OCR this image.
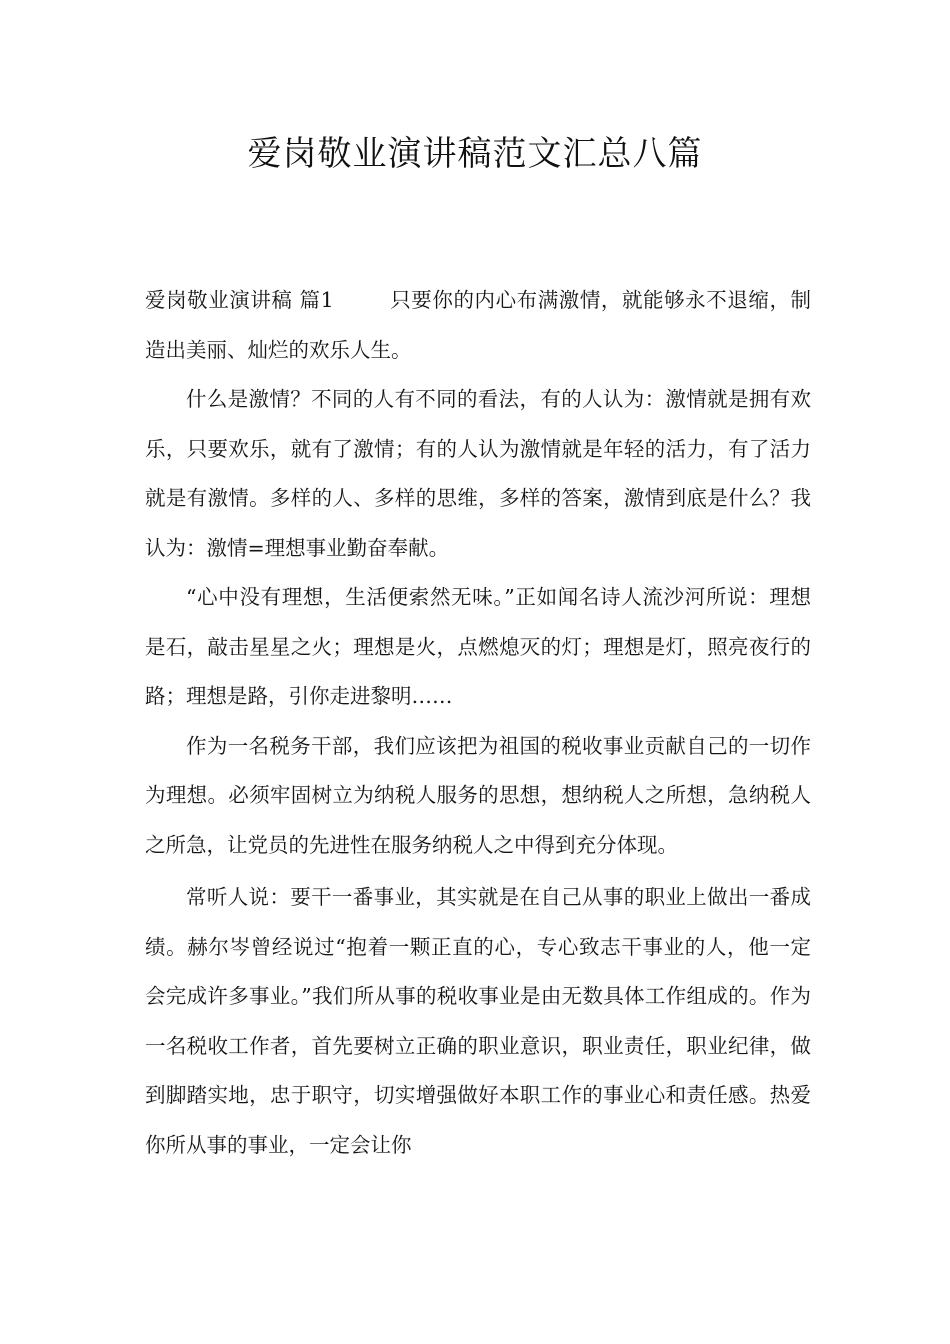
爱岗敬业演讲稿范文汇总八篇

爱岗敬业演讲稿 篇1	只要你的内心布满激情，就能够永不退缩，制造出美丽、灿烂的欢乐人生。

什么是激情？不同的人有不同的看法，有的人认为：激情就是拥有欢乐，只要欢乐，就有了激情；有的人认为激情就是年轻的活力，有了活力就是有激情。多样的人、多样的思维，多样的答案，激情到底是什么？我认为：激情=理想事业勤奋奉献。

“心中没有理想，生活便索然无味。”正如闻名诗人流沙河所说：理想是石，敲击星星之火；理想是火，点燃熄灭的灯；理想是灯，照亮夜行的路；理想是路，引你走进黎明……

作为一名税务干部，我们应该把为祖国的税收事业贡献自己的一切作为理想。必须牢固树立为纳税人服务的思想，想纳税人之所想，急纳税人之所急，让党员的先进性在服务纳税人之中得到充分体现。

常听人说：要干一番事业，其实就是在自己从事的职业上做出一番成绩。赫尔岑曾经说过“抱着一颗正直的心，专心致志干事业的人，他一定会完成许多事业。”我们所从事的税收事业是由无数具体工作组成的。作为一名税收工作者，首先要树立正确的职业意识，职业责任，职业纪律，做到脚踏实地，忠于职守，切实增强做好本职工作的事业心和责任感。热爱你所从事的事业，一定会让你
